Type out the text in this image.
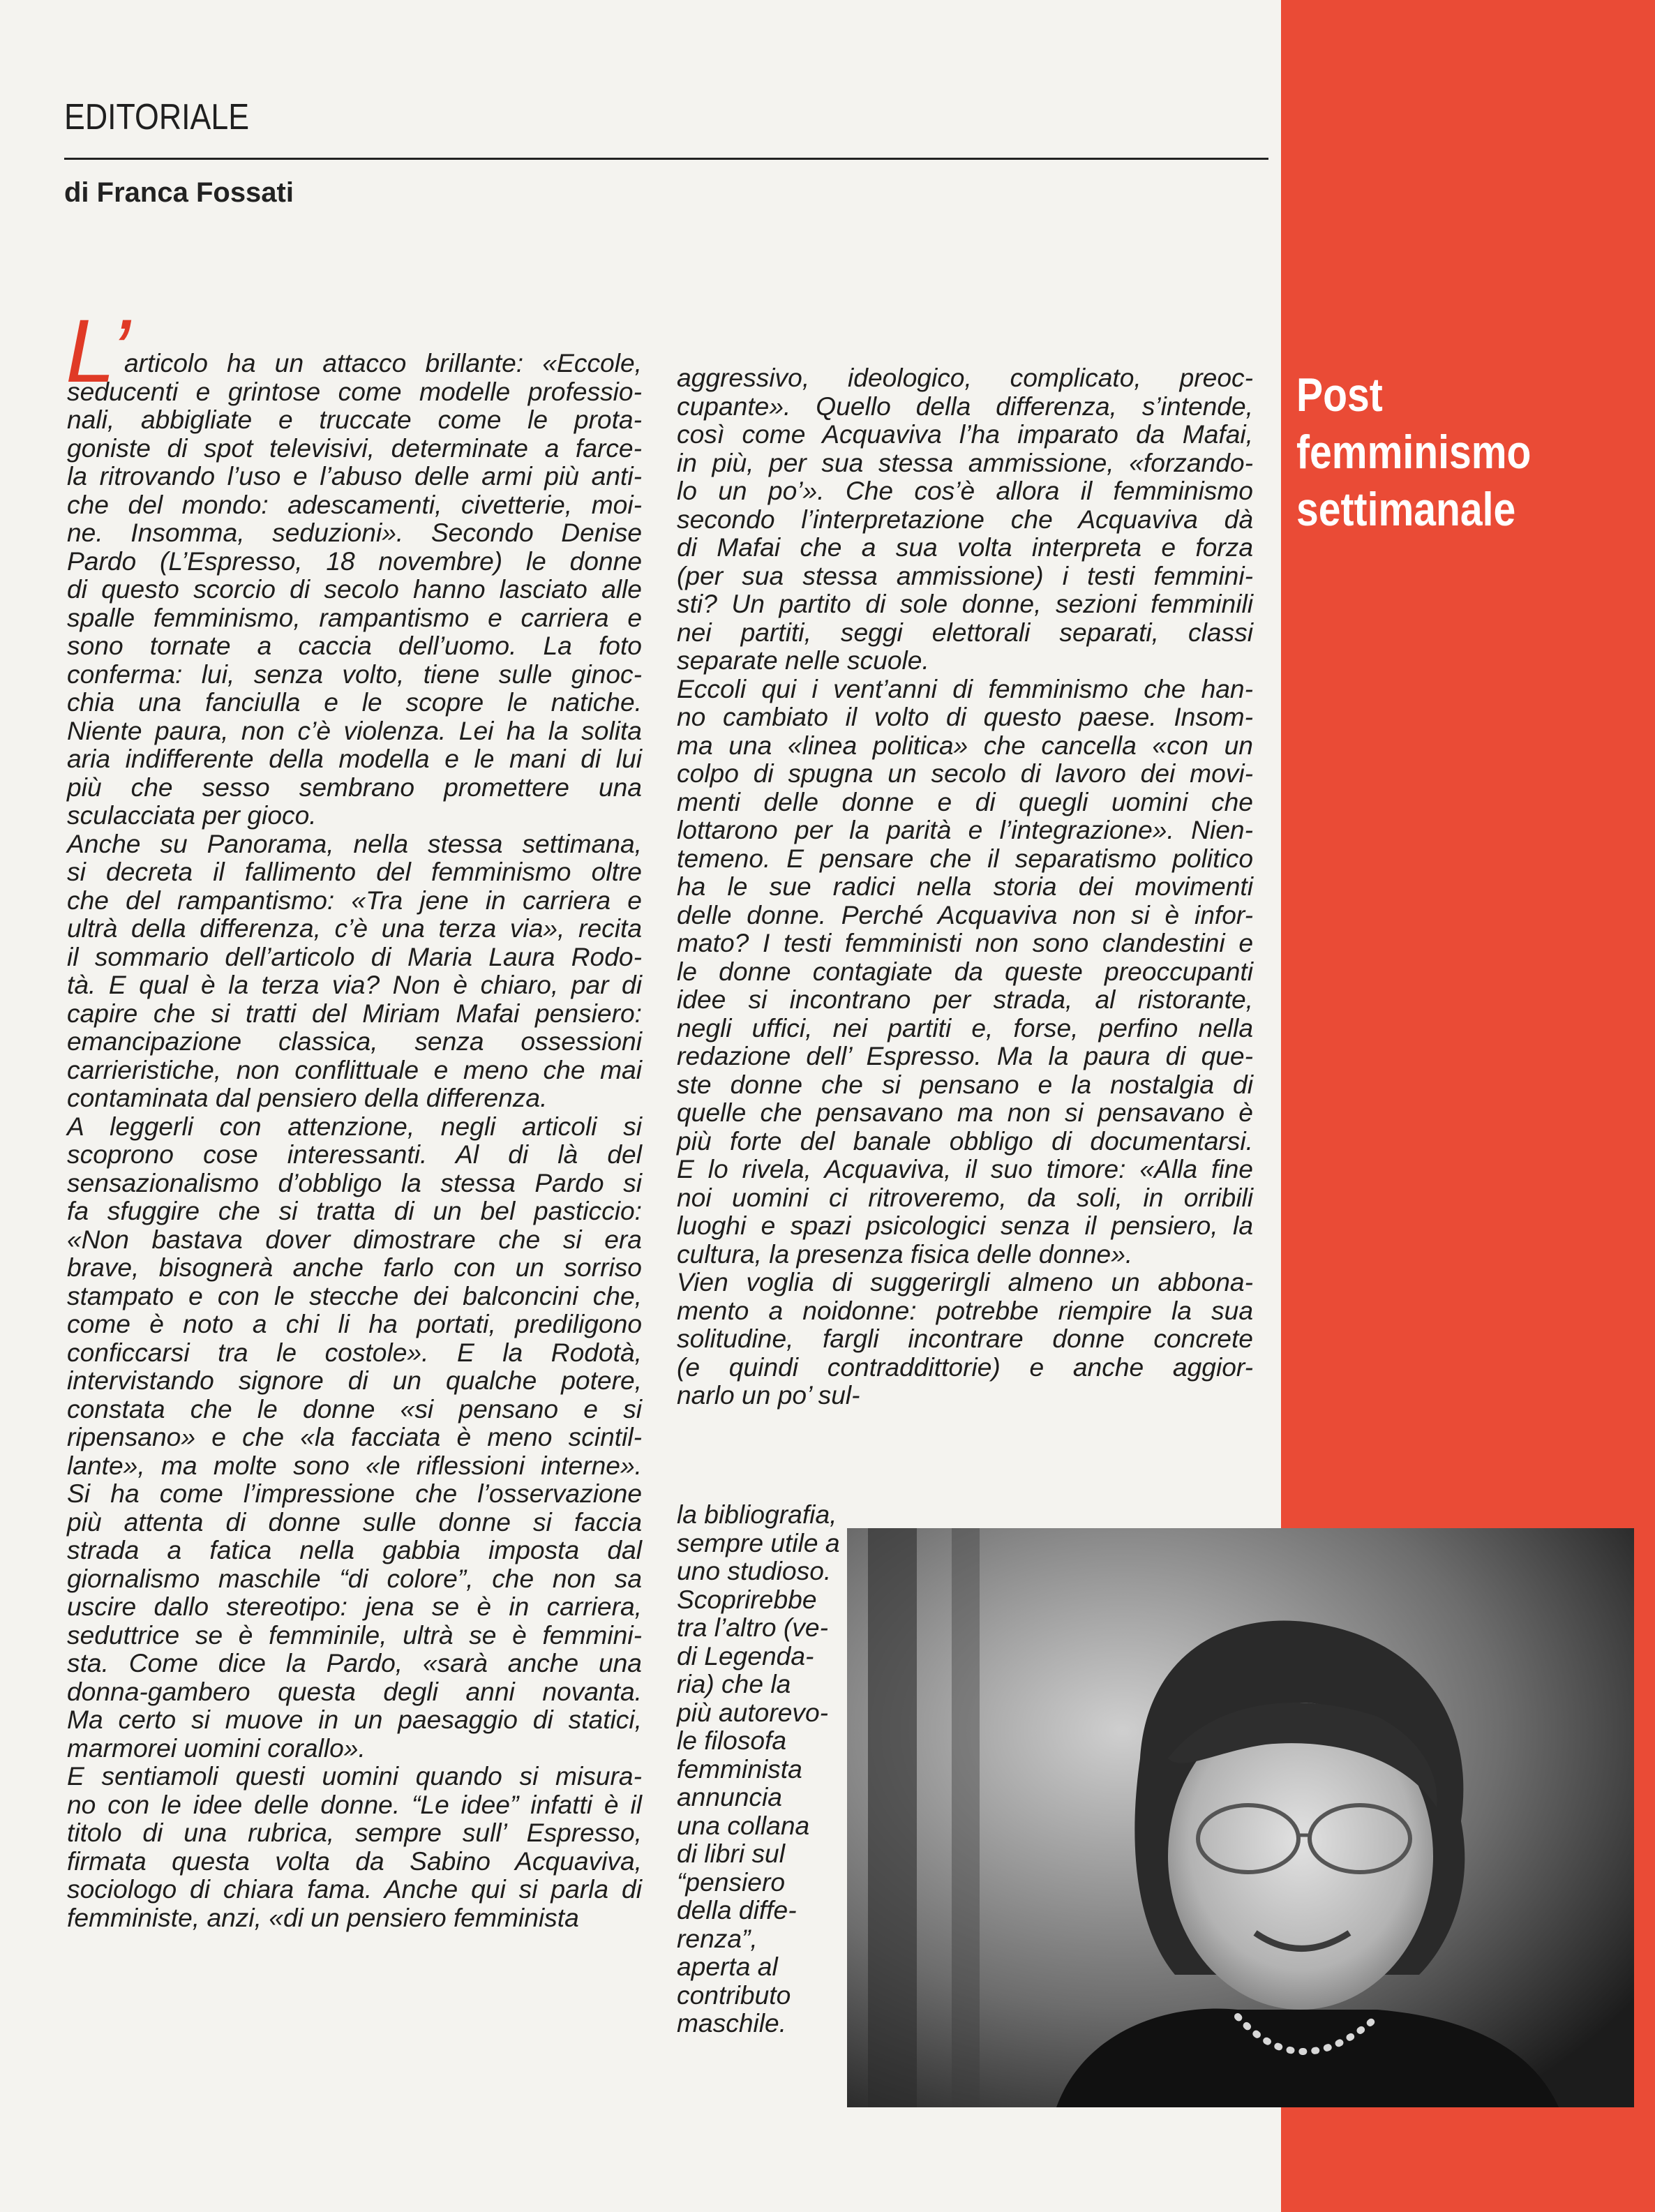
EDITORIALE
di Franca Fossati
Post
femminismo
settimanale
L’
articolo ha un attacco brillante: «Eccole,
seducenti e grintose come modelle professio-
nali, abbigliate e truccate come le prota-
goniste di spot televisivi, determinate a farce-
la ritrovando l’uso e l’abuso delle armi più anti-
che del mondo: adescamenti, civetterie, moi-
ne. Insomma, seduzioni». Secondo Denise
Pardo (L’Espresso, 18 novembre) le donne
di questo scorcio di secolo hanno lasciato alle
spalle femminismo, rampantismo e carriera e
sono tornate a caccia dell’uomo. La foto
conferma: lui, senza volto, tiene sulle ginoc-
chia una fanciulla e le scopre le natiche.
Niente paura, non c’è violenza. Lei ha la solita
aria indifferente della modella e le mani di lui
più che sesso sembrano promettere una
sculacciata per gioco.
Anche su Panorama, nella stessa settimana,
si decreta il fallimento del femminismo oltre
che del rampantismo: «Tra jene in carriera e
ultrà della differenza, c’è una terza via», recita
il sommario dell’articolo di Maria Laura Rodo-
tà. E qual è la terza via? Non è chiaro, par di
capire che si tratti del Miriam Mafai pensiero:
emancipazione classica, senza ossessioni
carrieristiche, non conflittuale e meno che mai
contaminata dal pensiero della differenza.
A leggerli con attenzione, negli articoli si
scoprono cose interessanti. Al di là del
sensazionalismo d’obbligo la stessa Pardo si
fa sfuggire che si tratta di un bel pasticcio:
«Non bastava dover dimostrare che si era
brave, bisognerà anche farlo con un sorriso
stampato e con le stecche dei balconcini che,
come è noto a chi li ha portati, prediligono
conficcarsi tra le costole». E la Rodotà,
intervistando signore di un qualche potere,
constata che le donne «si pensano e si
ripensano» e che «la facciata è meno scintil-
lante», ma molte sono «le riflessioni interne».
Si ha come l’impressione che l’osservazione
più attenta di donne sulle donne si faccia
strada a fatica nella gabbia imposta dal
giornalismo maschile “di colore”, che non sa
uscire dallo stereotipo: jena se è in carriera,
seduttrice se è femminile, ultrà se è femmini-
sta. Come dice la Pardo, «sarà anche una
donna-gambero questa degli anni novanta.
Ma certo si muove in un paesaggio di statici,
marmorei uomini corallo».
E sentiamoli questi uomini quando si misura-
no con le idee delle donne. “Le idee” infatti è il
titolo di una rubrica, sempre sull’ Espresso,
firmata questa volta da Sabino Acquaviva,
sociologo di chiara fama. Anche qui si parla di
femministe, anzi, «di un pensiero femminista
aggressivo, ideologico, complicato, preoc-
cupante». Quello della differenza, s’intende,
così come Acquaviva l’ha imparato da Mafai,
in più, per sua stessa ammissione, «forzando-
lo un po’». Che cos’è allora il femminismo
secondo l’interpretazione che Acquaviva dà
di Mafai che a sua volta interpreta e forza
(per sua stessa ammissione) i testi femmini-
sti? Un partito di sole donne, sezioni femminili
nei partiti, seggi elettorali separati, classi
separate nelle scuole.
Eccoli qui i vent’anni di femminismo che han-
no cambiato il volto di questo paese. Insom-
ma una «linea politica» che cancella «con un
colpo di spugna un secolo di lavoro dei movi-
menti delle donne e di quegli uomini che
lottarono per la parità e l’integrazione». Nien-
temeno. E pensare che il separatismo politico
ha le sue radici nella storia dei movimenti
delle donne. Perché Acquaviva non si è infor-
mato? I testi femministi non sono clandestini e
le donne contagiate da queste preoccupanti
idee si incontrano per strada, al ristorante,
negli uffici, nei partiti e, forse, perfino nella
redazione dell’ Espresso. Ma la paura di que-
ste donne che si pensano e la nostalgia di
quelle che pensavano ma non si pensavano è
più forte del banale obbligo di documentarsi.
E lo rivela, Acquaviva, il suo timore: «Alla fine
noi uomini ci ritroveremo, da soli, in orribili
luoghi e spazi psicologici senza il pensiero, la
cultura, la presenza fisica delle donne».
Vien voglia di suggerirgli almeno un abbona-
mento a noidonne: potrebbe riempire la sua
solitudine, fargli incontrare donne concrete
(e quindi contraddittorie) e anche aggior-
narlo un po’ sul-
la bibliografia,
sempre utile a
uno studioso.
Scoprirebbe
tra l’altro (ve-
di Legenda-
ria) che la
più autorevo-
le filosofa
femminista
annuncia
una collana
di libri sul
“pensiero
della diffe-
renza”,
aperta al
contributo
maschile.
